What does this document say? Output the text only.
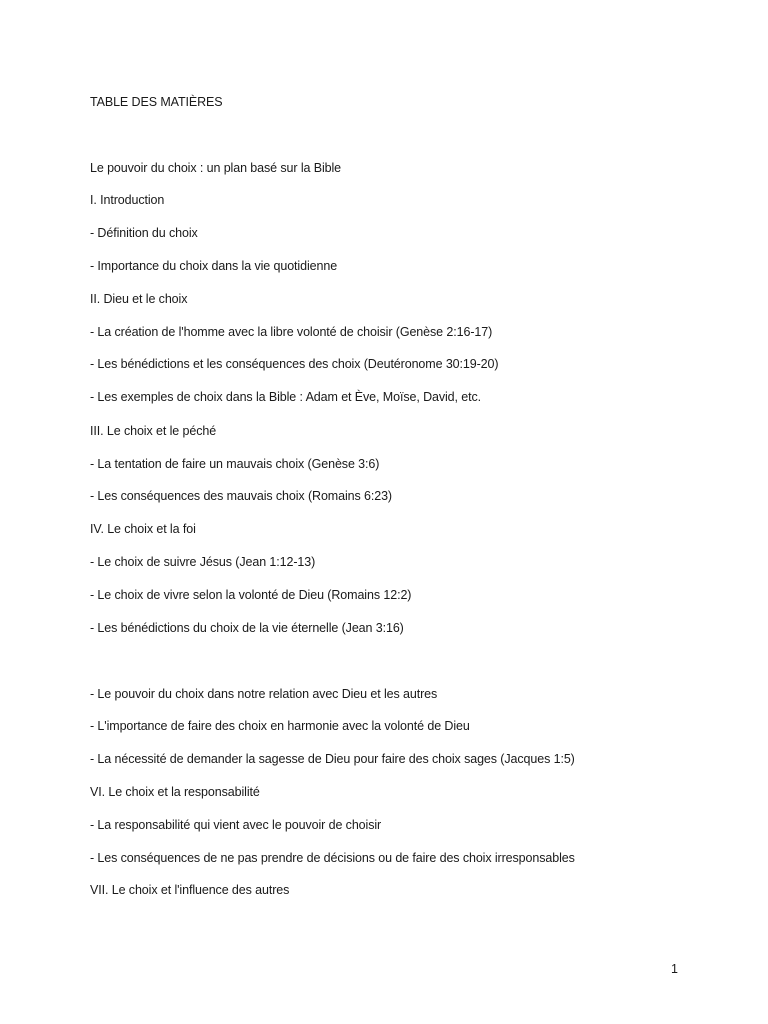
TABLE DES MATIÈRES
Le pouvoir du choix : un plan basé sur la Bible
I. Introduction
- Définition du choix
- Importance du choix dans la vie quotidienne
II. Dieu et le choix
- La création de l'homme avec la libre volonté de choisir (Genèse 2:16-17)
- Les bénédictions et les conséquences des choix (Deutéronome 30:19-20)
- Les exemples de choix dans la Bible : Adam et Ève, Moïse, David, etc.
III. Le choix et le péché
- La tentation de faire un mauvais choix (Genèse 3:6)
- Les conséquences des mauvais choix (Romains 6:23)
IV. Le choix et la foi
- Le choix de suivre Jésus (Jean 1:12-13)
- Le choix de vivre selon la volonté de Dieu (Romains 12:2)
- Les bénédictions du choix de la vie éternelle (Jean 3:16)
- Le pouvoir du choix dans notre relation avec Dieu et les autres
- L'importance de faire des choix en harmonie avec la volonté de Dieu
- La nécessité de demander la sagesse de Dieu pour faire des choix sages (Jacques 1:5)
VI. Le choix et la responsabilité
- La responsabilité qui vient avec le pouvoir de choisir
- Les conséquences de ne pas prendre de décisions ou de faire des choix irresponsables
VII. Le choix et l'influence des autres
1
